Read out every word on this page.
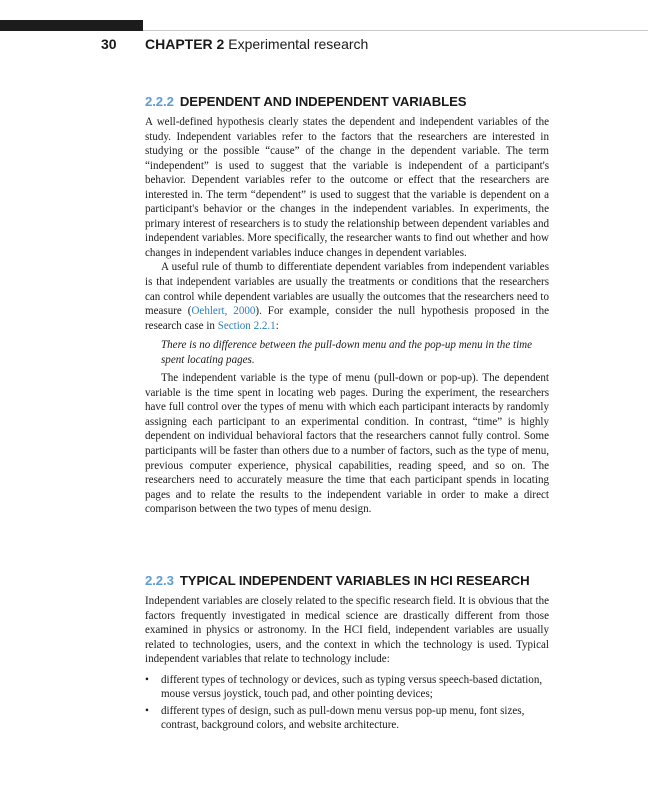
30 CHAPTER 2 Experimental research
2.2.2 DEPENDENT AND INDEPENDENT VARIABLES

A well-defined hypothesis clearly states the dependent and independent variables of the study. Independent variables refer to the factors that the researchers are interested in studying or the possible “cause” of the change in the dependent variable. The term “independent” is used to suggest that the variable is independent of a participant's behavior. Dependent variables refer to the outcome or effect that the researchers are interested in. The term “dependent” is used to suggest that the variable is dependent on a participant's behavior or the changes in the independent variables. In experiments, the primary interest of researchers is to study the relationship between dependent variables and independent variables. More specifically, the researcher wants to find out whether and how changes in independent variables induce changes in dependent variables.

A useful rule of thumb to differentiate dependent variables from independent variables is that independent variables are usually the treatments or conditions that the researchers can control while dependent variables are usually the outcomes that the researchers need to measure (Oehlert, 2000). For example, consider the null hypothesis proposed in the research case in Section 2.2.1:

There is no difference between the pull-down menu and the pop-up menu in the time spent locating pages.

The independent variable is the type of menu (pull-down or pop-up). The dependent variable is the time spent in locating web pages. During the experiment, the researchers have full control over the types of menu with which each participant interacts by randomly assigning each participant to an experimental condition. In contrast, “time” is highly dependent on individual behavioral factors that the researchers cannot fully control. Some participants will be faster than others due to a number of factors, such as the type of menu, previous computer experience, physical capabilities, reading speed, and so on. The researchers need to accurately measure the time that each participant spends in locating pages and to relate the results to the independent variable in order to make a direct comparison between the two types of menu design.

2.2.3 TYPICAL INDEPENDENT VARIABLES IN HCI RESEARCH

Independent variables are closely related to the specific research field. It is obvious that the factors frequently investigated in medical science are drastically different from those examined in physics or astronomy. In the HCI field, independent variables are usually related to technologies, users, and the context in which the technology is used. Typical independent variables that relate to technology include:

• different types of technology or devices, such as typing versus speech-based dictation, mouse versus joystick, touch pad, and other pointing devices;
• different types of design, such as pull-down menu versus pop-up menu, font sizes, contrast, background colors, and website architecture.
